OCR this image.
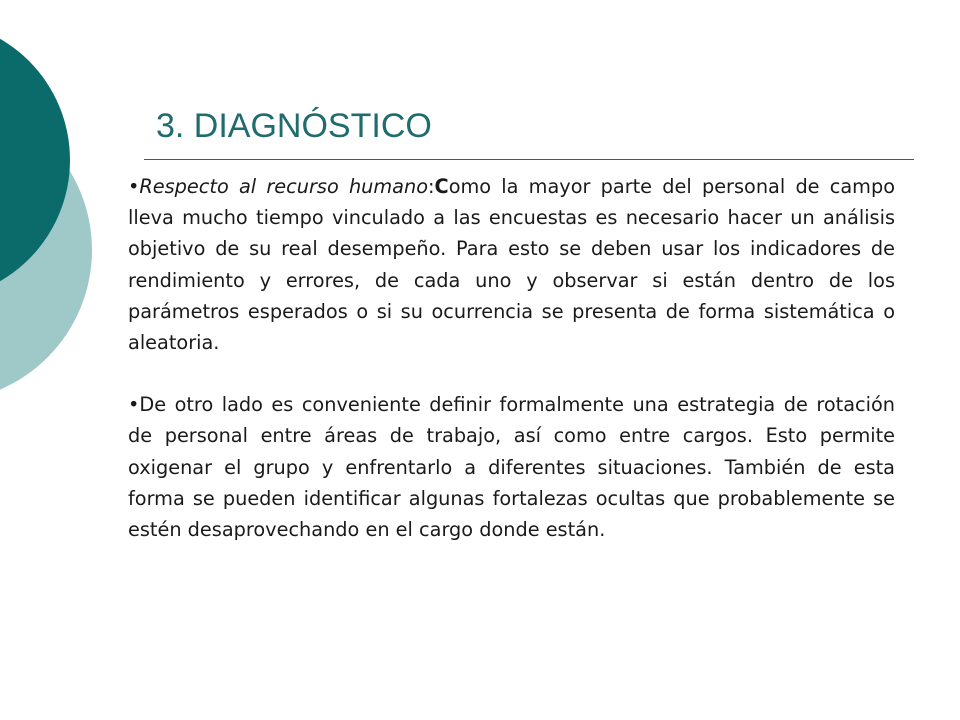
3. DIAGNÓSTICO

•Respecto al recurso humano:Como la mayor parte del personal de campo lleva mucho tiempo vinculado a las encuestas es necesario hacer un análisis objetivo de su real desempeño. Para esto se deben usar los indicadores de rendimiento y errores, de cada uno y observar si están dentro de los parámetros esperados o si su ocurrencia se presenta de forma sistemática o aleatoria.

•De otro lado es conveniente definir formalmente una estrategia de rotación de personal entre áreas de trabajo, así como entre cargos. Esto permite oxigenar el grupo y enfrentarlo a diferentes situaciones. También de esta forma se pueden identificar algunas fortalezas ocultas que probablemente se estén desaprovechando en el cargo donde están.
